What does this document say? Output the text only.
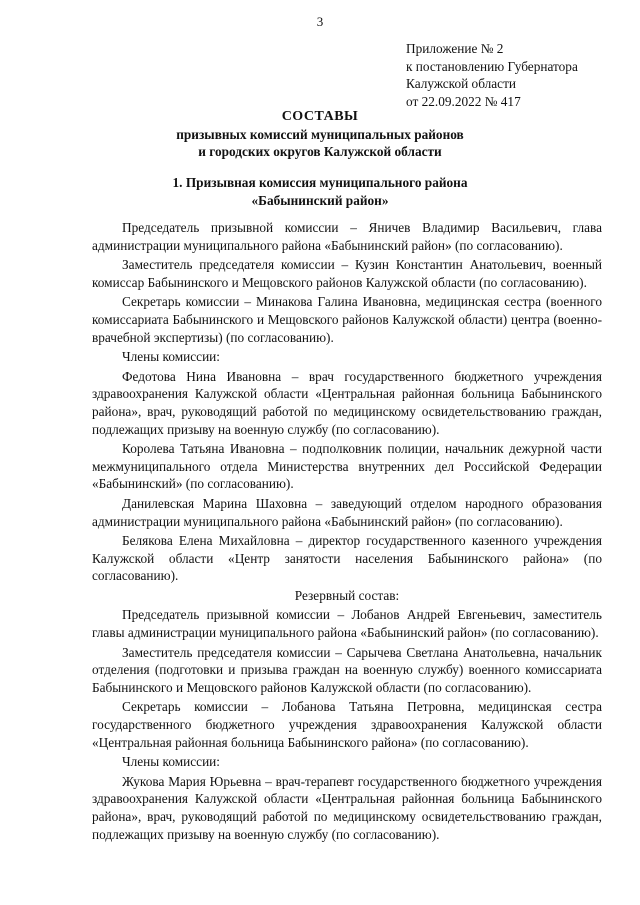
3
Приложение № 2
к постановлению Губернатора
Калужской области
от 22.09.2022 № 417
СОСТАВЫ
призывных комиссий муниципальных районов
и городских округов Калужской области
1. Призывная комиссия муниципального района
«Бабынинский район»

Председатель призывной комиссии – Яничев Владимир Васильевич, глава администрации муниципального района «Бабынинский район» (по согласованию).

Заместитель председателя комиссии – Кузин Константин Анатольевич, военный комиссар Бабынинского и Мещовского районов Калужской области (по согласованию).

Секретарь комиссии – Минакова Галина Ивановна, медицинская сестра (военного комиссариата Бабынинского и Мещовского районов Калужской области) центра (военно-врачебной экспертизы) (по согласованию).

Члены комиссии:

Федотова Нина Ивановна – врач государственного бюджетного учреждения здравоохранения Калужской области «Центральная районная больница Бабынинского района», врач, руководящий работой по медицинскому освидетельствованию граждан, подлежащих призыву на военную службу (по согласованию).

Королева Татьяна Ивановна – подполковник полиции, начальник дежурной части межмуниципального отдела Министерства внутренних дел Российской Федерации «Бабынинский» (по согласованию).

Данилевская Марина Шаховна – заведующий отделом народного образования администрации муниципального района «Бабынинский район» (по согласованию).

Белякова Елена Михайловна – директор государственного казенного учреждения Калужской области «Центр занятости населения Бабынинского района» (по согласованию).

Резервный состав:

Председатель призывной комиссии – Лобанов Андрей Евгеньевич, заместитель главы администрации муниципального района «Бабынинский район» (по согласованию).

Заместитель председателя комиссии – Сарычева Светлана Анатольевна, начальник отделения (подготовки и призыва граждан на военную службу) военного комиссариата Бабынинского и Мещовского районов Калужской области (по согласованию).

Секретарь комиссии – Лобанова Татьяна Петровна, медицинская сестра государственного бюджетного учреждения здравоохранения Калужской области «Центральная районная больница Бабынинского района» (по согласованию).

Члены комиссии:

Жукова Мария Юрьевна – врач-терапевт государственного бюджетного учреждения здравоохранения Калужской области «Центральная районная больница Бабынинского района», врач, руководящий работой по медицинскому освидетельствованию граждан, подлежащих призыву на военную службу (по согласованию).
